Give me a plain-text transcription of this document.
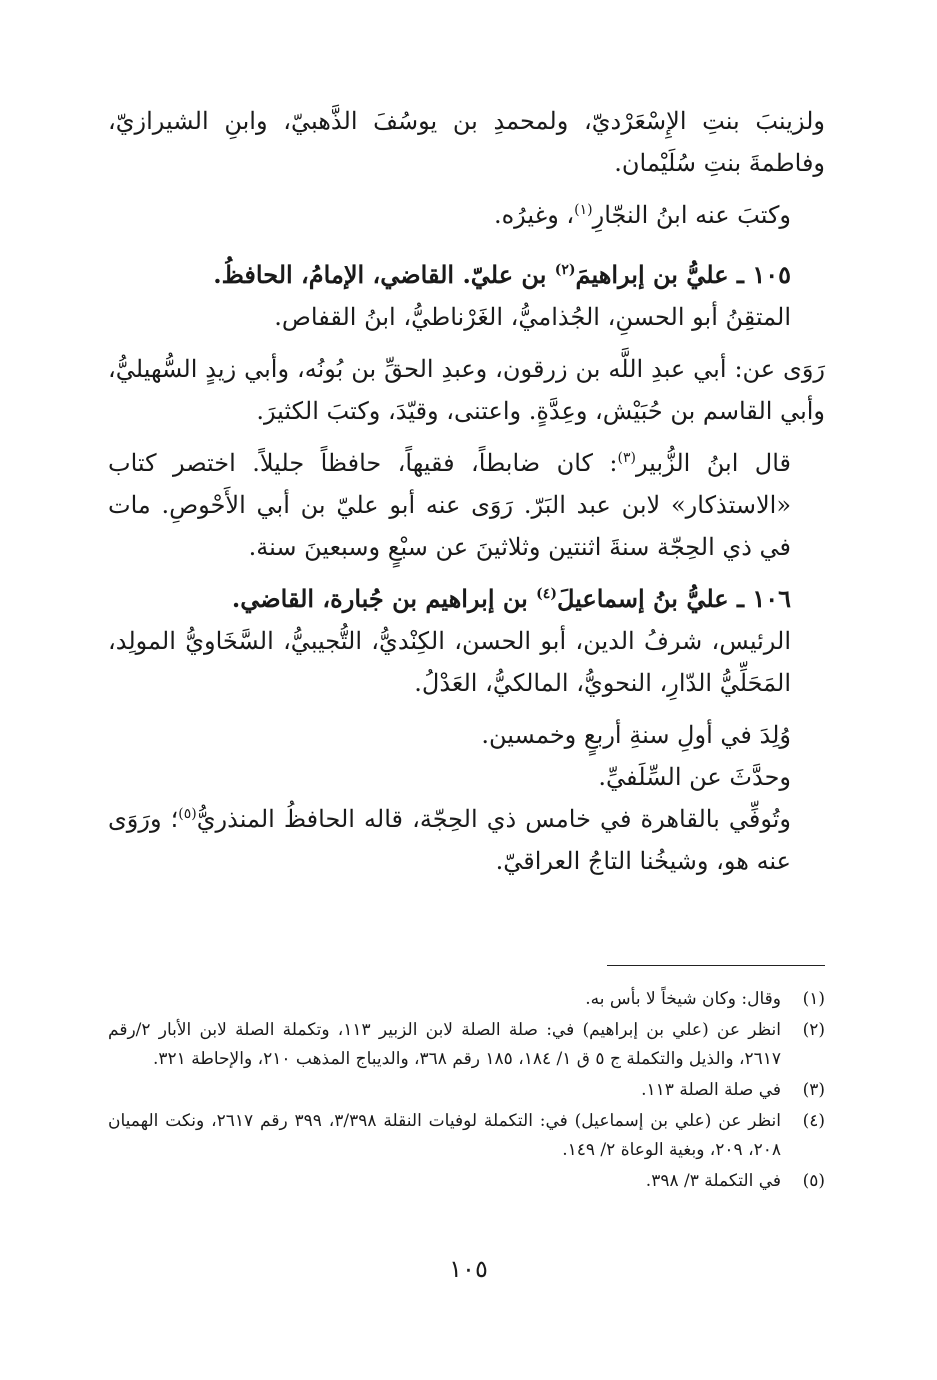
ولزينبَ بنتِ الإِسْعَرْديّ، ولمحمدِ بن يوسُفَ الذَّهبيّ، وابنِ الشيرازيّ، وفاطمةَ بنتِ سُلَيْمان.

وكتبَ عنه ابنُ النجّارِ$^{(١)}$، وغيرُه.

١٠٥ ـ عليُّ بن إبراهيمَ$^{(٢)}$ بن عليّ. القاضي، الإمامُ، الحافظُ.

المتقِنُ أبو الحسنِ، الجُذاميُّ، الغَرْناطيُّ، ابنُ القفاص.

رَوَى عن: أبي عبدِ اللَّه بن زرقون، وعبدِ الحقِّ بن بُونُه، وأبي زيدٍ السُّهيليُّ، وأبي القاسم بن حُبَيْش، وعِدَّةٍ. واعتنى، وقيّدَ، وكتبَ الكثيرَ.

قال ابنُ الزُّبير$^{(٣)}$: كان ضابطاً، فقيهاً، حافظاً جليلاً. اختصر كتاب «الاستذكار» لابن عبد البَرّ. رَوَى عنه أبو عليّ بن أبي الأَحْوصِ. مات في ذي الحِجّة سنةَ اثنتين وثلاثينَ عن سبْعٍ وسبعينَ سنة.

١٠٦ ـ عليُّ بنُ إسماعيلَ$^{(٤)}$ بن إبراهيم بن جُبارة، القاضي.

الرئيس، شرفُ الدين، أبو الحسن، الكِنْديُّ، التُّجيبيُّ، السَّخَاويُّ المولِد، المَحَلِّيُّ الدّارِ، النحويُّ، المالكيُّ، العَدْلُ.

وُلِدَ في أولِ سنةِ أربعٍ وخمسين.

وحدَّثَ عن السِّلَفيِّ.

وتُوفِّي بالقاهرة في خامس ذي الحِجّة، قاله الحافظُ المنذريُّ$^{(٥)}$؛ ورَوَى عنه هو، وشيخُنا التاجُ العراقيّ.

(١)
وقال: وكان شيخاً لا بأس به.
(٢)
انظر عن (علي بن إبراهيم) في: صلة الصلة لابن الزبير ١١٣، وتكملة الصلة لابن الأبار ٢/رقم ٢٦١٧، والذيل والتكملة ج ٥ ق ١/ ١٨٤، ١٨٥ رقم ٣٦٨، والديباج المذهب ٢١٠، والإحاطة ٣٢١.
(٣)
في صلة الصلة ١١٣.
(٤)
انظر عن (علي بن إسماعيل) في: التكملة لوفيات النقلة ٣/٣٩٨، ٣٩٩ رقم ٢٦١٧، ونكت الهميان ٢٠٨، ٢٠٩، وبغية الوعاة ٢/ ١٤٩.
(٥)
في التكملة ٣/ ٣٩٨.
١٠٥
